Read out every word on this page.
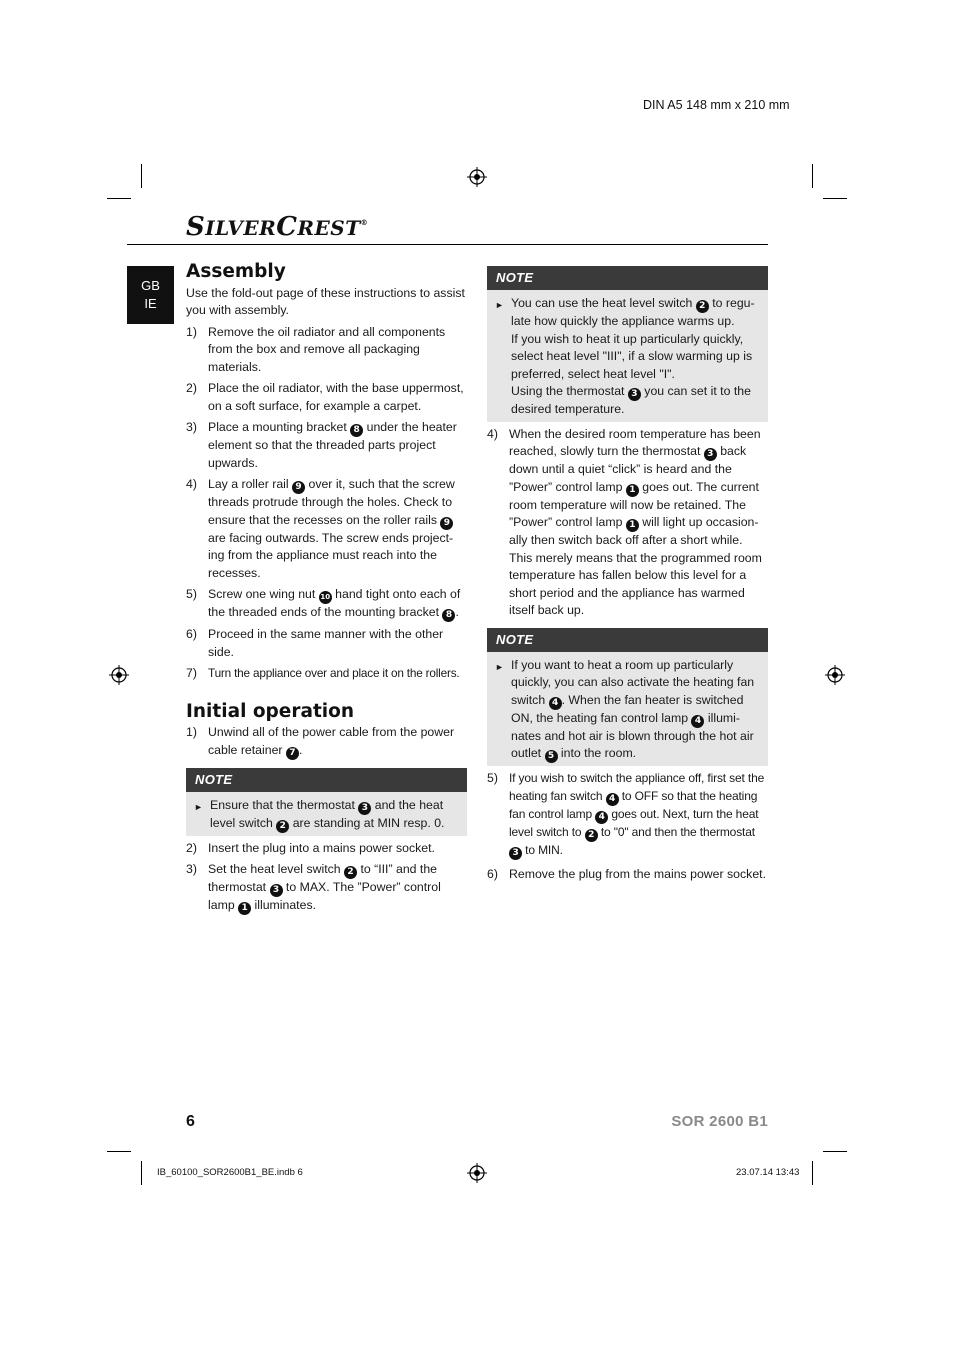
DIN A5 148 mm x 210 mm
SILVERCREST®
GB
IE
Assembly

Use the fold-out page of these instructions to assist you with assembly.

1) Remove the oil radiator and all components from the box and remove all packaging materials.
2) Place the oil radiator, with the base uppermost, on a soft surface, for example a carpet.
3) Place a mounting bracket 8 under the heater element so that the threaded parts project upwards.
4) Lay a roller rail 9 over it, such that the screw threads protrude through the holes. Check to ensure that the recesses on the roller rails 9 are facing outwards. The screw ends project-ing from the appliance must reach into the recesses.
5) Screw one wing nut 10 hand tight onto each of the threaded ends of the mounting bracket 8 .
6) Proceed in the same manner with the other side.
7) Turn the appliance over and place it on the rollers.
Initial operation
1) Unwind all of the power cable from the power cable retainer 7 .
NOTE
► Ensure that the thermostat 3 and the heat level switch 2 are standing at MIN resp. 0.
2) Insert the plug into a mains power socket.
3) Set the heat level switch 2 to “III” and the thermostat 3 to MAX. The ”Power” control lamp 1 illuminates.
NOTE
► You can use the heat level switch 2 to regu-late how quickly the appliance warms up.
If you wish to heat it up particularly quickly, select heat level "III", if a slow warming up is preferred, select heat level "I".
Using the thermostat 3 you can set it to the desired temperature.
4) When the desired room temperature has been reached, slowly turn the thermostat 3 back down until a quiet “click” is heard and the ”Power” control lamp 1 goes out. The current room temperature will now be retained. The ”Power” control lamp 1 will light up occasion-ally then switch back off after a short while. This merely means that the programmed room temperature has fallen below this level for a short period and the appliance has warmed itself back up.
NOTE
► If you want to heat a room up particularly quickly, you can also activate the heating fan switch 4 . When the fan heater is switched ON, the heating fan control lamp 4 illumi-nates and hot air is blown through the hot air outlet 5 into the room.
5) If you wish to switch the appliance off, first set the heating fan switch 4 to OFF so that the heating fan control lamp 4 goes out. Next, turn the heat level switch to 2 to "0" and then the thermostat 3 to MIN.
6) Remove the plug from the mains power socket.
6	SOR 2600 B1
IB_60100_SOR2600B1_BE.indb 6	23.07.14 13:43
